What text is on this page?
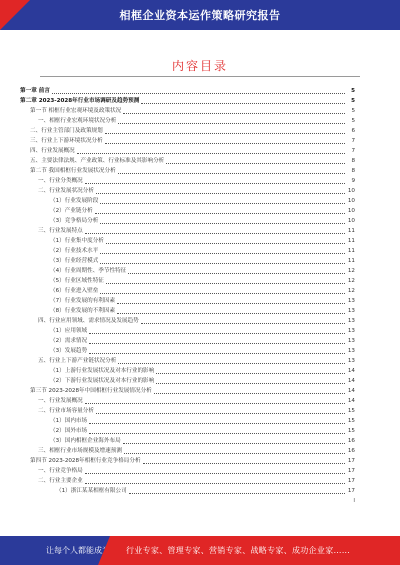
相框企业资本运作策略研究报告
内容目录
第一章 前言	5
第二章 2023-2028年行业市场调研及趋势预测	5
第一节 相框行业宏观环境及政策状况	5
一、相框行业宏观环境状况分析	5
二、行业主管部门及政策规划	6
三、行业上下游环境状况分析	7
四、行业发展概况	7
五、主要法律法规、产业政策、行业标准及其影响分析	8
第二节 我国相框行业发展状况分析	8
一、行业分类概况	9
二、行业发展状况分析	10
（1）行业发展阶段	10
（2）产业链分析	10
（3）竞争格局分析	10
三、行业发展特点	11
（1）行业集中度分析	11
（2）行业技术水平	11
（3）行业经营模式	11
（4）行业周期性、季节性特征	12
（5）行业区域性特征	12
（6）行业进入壁垒	12
（7）行业发展的有利因素	13
（8）行业发展的不利因素	13
四、行业应用领域、需求情况及发展趋势	13
（1）应用领域	13
（2）需求情况	13
（3）发展趋势	13
五、行业上下游产业链状况分析	13
（1）上游行业发展状况及对本行业的影响	14
（2）下游行业发展状况及对本行业的影响	14
第三节 2023-2028年中国相框行业发展情况分析	14
一、行业发展概况	14
二、行业市场容量分析	15
（1）国内市场	15
（2）国外市场	15
（3）国内相框企业海外布局	16
三、相框行业市场规模及增速预测	16
第四节 2023-2028年相框行业竞争格局分析	17
一、行业竞争格局	17
二、行业主要企业	17
（1）浙江某某相框有限公司	17
I
让每个人都能成为 行业专家、管理专家、营销专家、战略专家、成功企业家……
